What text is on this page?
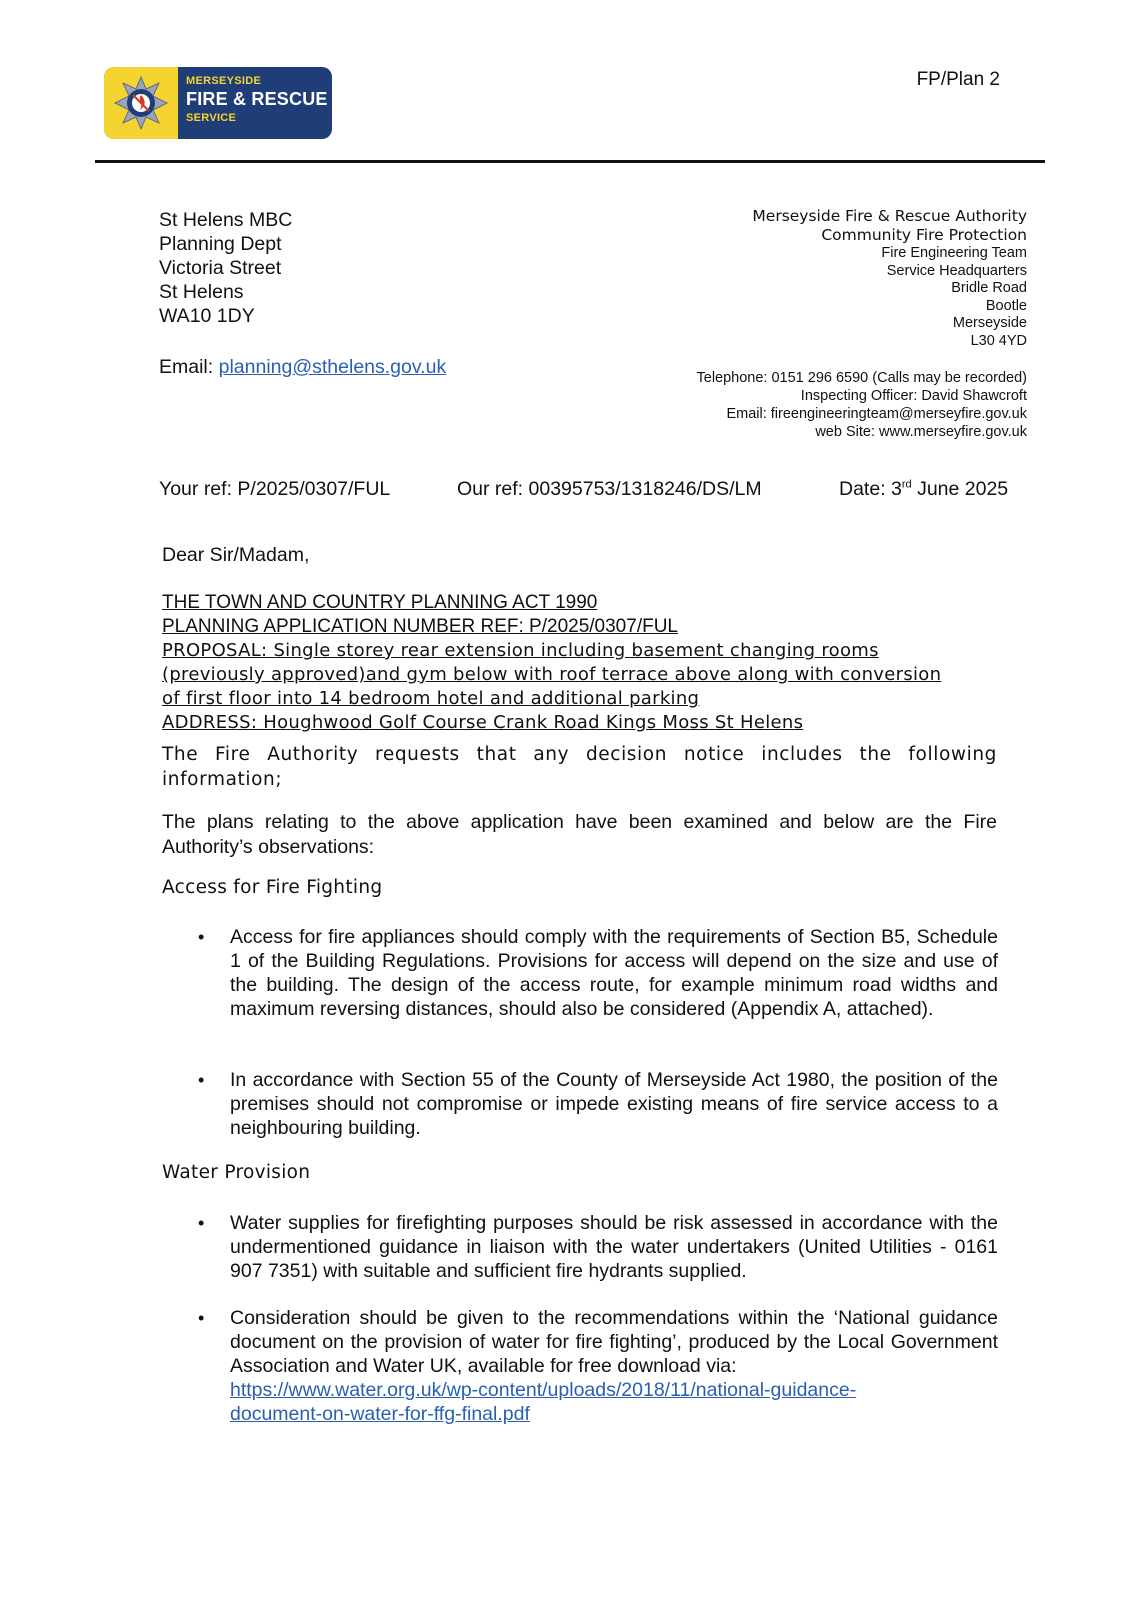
MERSEYSIDE
FIRE & RESCUE
SERVICE
FP/Plan 2
St Helens MBC
Planning Dept
Victoria Street
St Helens
WA10 1DY
Email: planning@sthelens.gov.uk
Merseyside Fire & Rescue Authority
Community Fire Protection
Fire Engineering Team
Service Headquarters
Bridle Road
Bootle
Merseyside
L30 4YD
Telephone: 0151 296 6590 (Calls may be recorded)
Inspecting Officer: David Shawcroft
Email: fireengineeringteam@merseyfire.gov.uk
web Site: www.merseyfire.gov.uk
Your ref: P/2025/0307/FUL	Our ref: 00395753/1318246/DS/LM	Date: 3rd June 2025
Dear Sir/Madam,
THE TOWN AND COUNTRY PLANNING ACT 1990
PLANNING APPLICATION NUMBER REF: P/2025/0307/FUL
PROPOSAL: Single storey rear extension including basement changing rooms
(previously approved)and gym below with roof terrace above along with conversion
of first floor into 14 bedroom hotel and additional parking
ADDRESS: Houghwood Golf Course Crank Road Kings Moss St Helens
The Fire Authority requests that any decision notice includes the following information;
The plans relating to the above application have been examined and below are the Fire Authority’s observations:
Access for Fire Fighting
• Access for fire appliances should comply with the requirements of Section B5, Schedule 1 of the Building Regulations. Provisions for access will depend on the size and use of the building. The design of the access route, for example minimum road widths and maximum reversing distances, should also be considered (Appendix A, attached).
• In accordance with Section 55 of the County of Merseyside Act 1980, the position of the premises should not compromise or impede existing means of fire service access to a neighbouring building.
Water Provision
• Water supplies for firefighting purposes should be risk assessed in accordance with the undermentioned guidance in liaison with the water undertakers (United Utilities - 0161 907 7351) with suitable and sufficient fire hydrants supplied.
• Consideration should be given to the recommendations within the ‘National guidance document on the provision of water for fire fighting’, produced by the Local Government Association and Water UK, available for free download via:
https://www.water.org.uk/wp-content/uploads/2018/11/national-guidance-
document-on-water-for-ffg-final.pdf
